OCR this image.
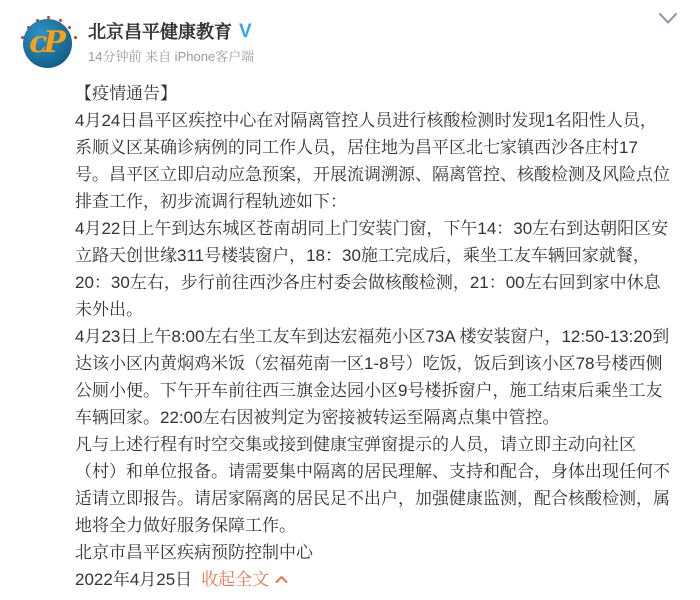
cP 北京昌平健康教育 V
14分钟前 来自 iPhone客户端

【疫情通告】

4月24日昌平区疾控中心在对隔离管控人员进行核酸检测时发现1名阳性人员，系顺义区某确诊病例的同工作人员，居住地为昌平区北七家镇西沙各庄村17号。昌平区立即启动应急预案，开展流调溯源、隔离管控、核酸检测及风险点位排查工作，初步流调行程轨迹如下：

4月22日上午到达东城区苍南胡同上门安装门窗，下午14：30左右到达朝阳区安立路天创世缘311号楼装窗户，18：30施工完成后，乘坐工友车辆回家就餐，20：30左右，步行前往西沙各庄村委会做核酸检测，21：00左右回到家中休息未外出。

4月23日上午8:00左右坐工友车到达宏福苑小区73A 楼安装窗户，12:50-13:20到达该小区内黄焖鸡米饭（宏福苑南一区1-8号）吃饭，饭后到该小区78号楼西侧公厕小便。下午开车前往西三旗金达园小区9号楼拆窗户，施工结束后乘坐工友车辆回家。22:00左右因被判定为密接被转运至隔离点集中管控。

凡与上述行程有时空交集或接到健康宝弹窗提示的人员，请立即主动向社区（村）和单位报备。请需要集中隔离的居民理解、支持和配合，身体出现任何不适请立即报告。请居家隔离的居民足不出户，加强健康监测，配合核酸检测，属地将全力做好服务保障工作。

北京市昌平区疾病预防控制中心

2022年4月25日 收起全文
